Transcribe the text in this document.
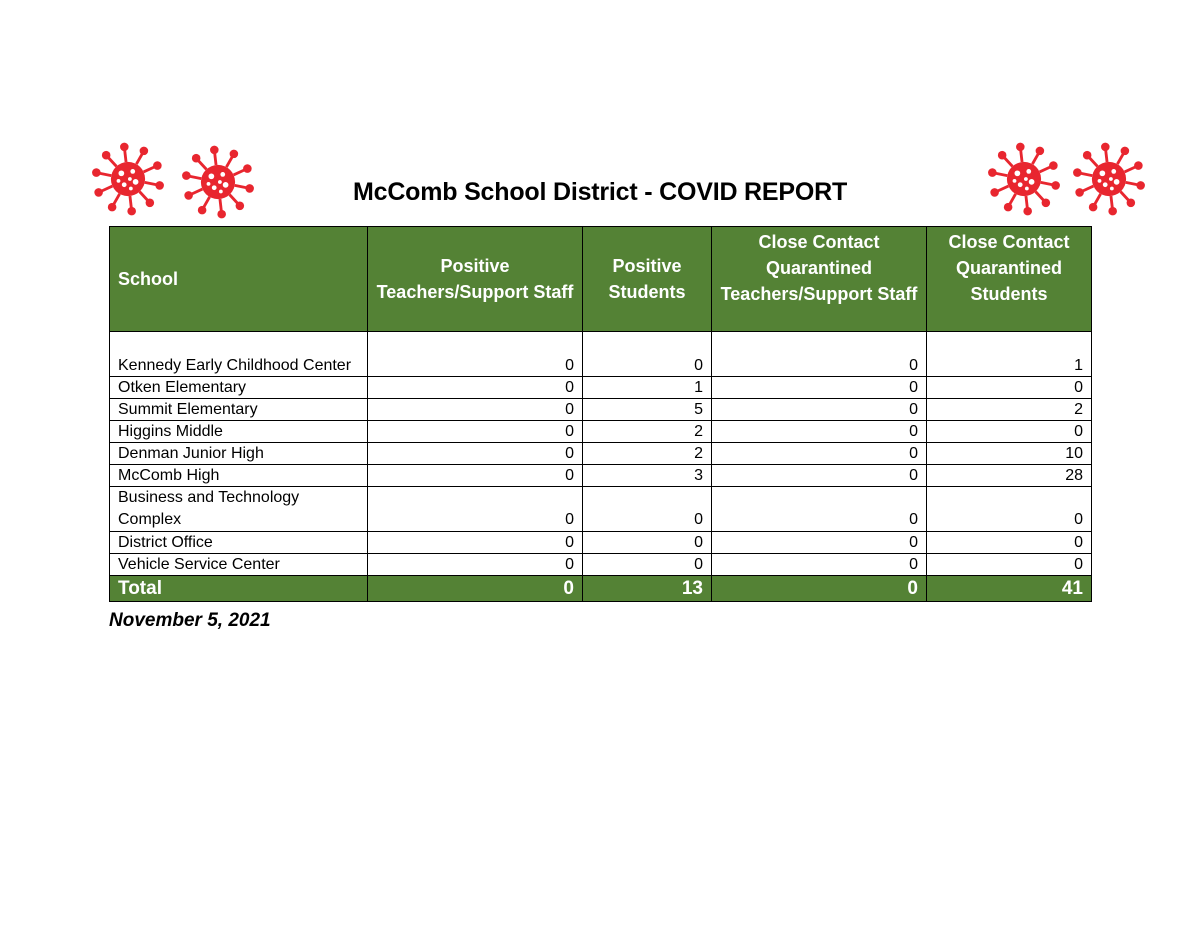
McComb School District - COVID REPORT
School	Positive Teachers/Support Staff	Positive Students	Close Contact Quarantined Teachers/Support Staff	Close Contact Quarantined Students
Kennedy Early Childhood Center	0	0	0	1
Otken Elementary	0	1	0	0
Summit Elementary	0	5	0	2
Higgins Middle	0	2	0	0
Denman Junior High	0	2	0	10
McComb High	0	3	0	28
Business and Technology Complex	0	0	0	0
District Office	0	0	0	0
Vehicle Service Center	0	0	0	0
Total	0	13	0	41
November 5, 2021
